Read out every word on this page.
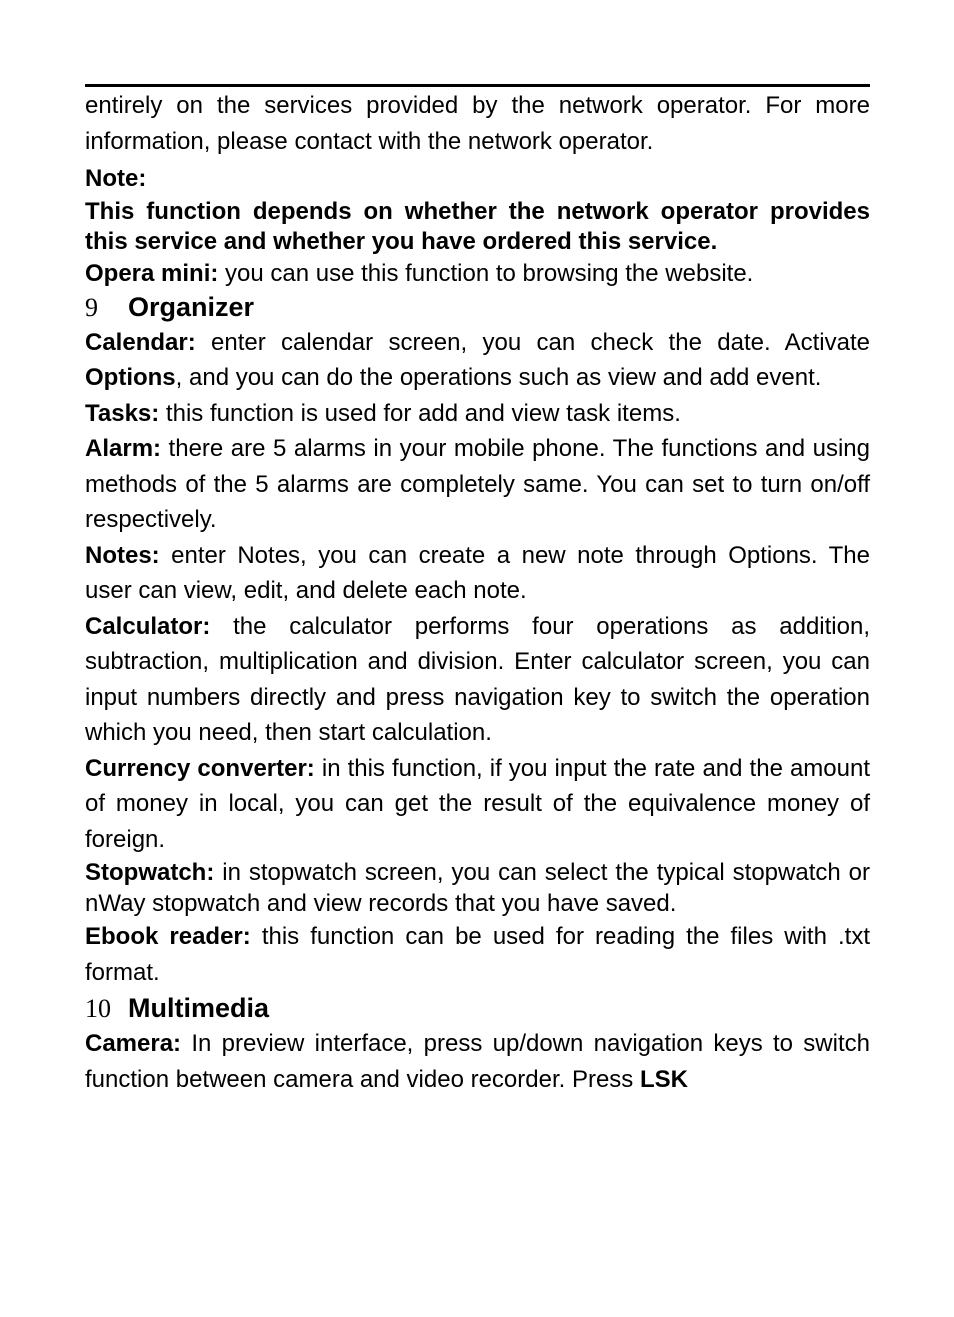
entirely on the services provided by the network operator. For more information, please contact with the network operator.

Note:

This function depends on whether the network operator provides this service and whether you have ordered this service.

Opera mini: you can use this function to browsing the website.

9 Organizer

Calendar: enter calendar screen, you can check the date. Activate Options, and you can do the operations such as view and add event.

Tasks: this function is used for add and view task items.

Alarm: there are 5 alarms in your mobile phone. The functions and using methods of the 5 alarms are completely same. You can set to turn on/off respectively.

Notes: enter Notes, you can create a new note through Options. The user can view, edit, and delete each note.

Calculator: the calculator performs four operations as addition, subtraction, multiplication and division. Enter calculator screen, you can input numbers directly and press navigation key to switch the operation which you need, then start calculation.

Currency converter: in this function, if you input the rate and the amount of money in local, you can get the result of the equivalence money of foreign.

Stopwatch: in stopwatch screen, you can select the typical stopwatch or nWay stopwatch and view records that you have saved.

Ebook reader: this function can be used for reading the files with .txt format.

10 Multimedia

Camera: In preview interface, press up/down navigation keys to switch function between camera and video recorder. Press LSK
